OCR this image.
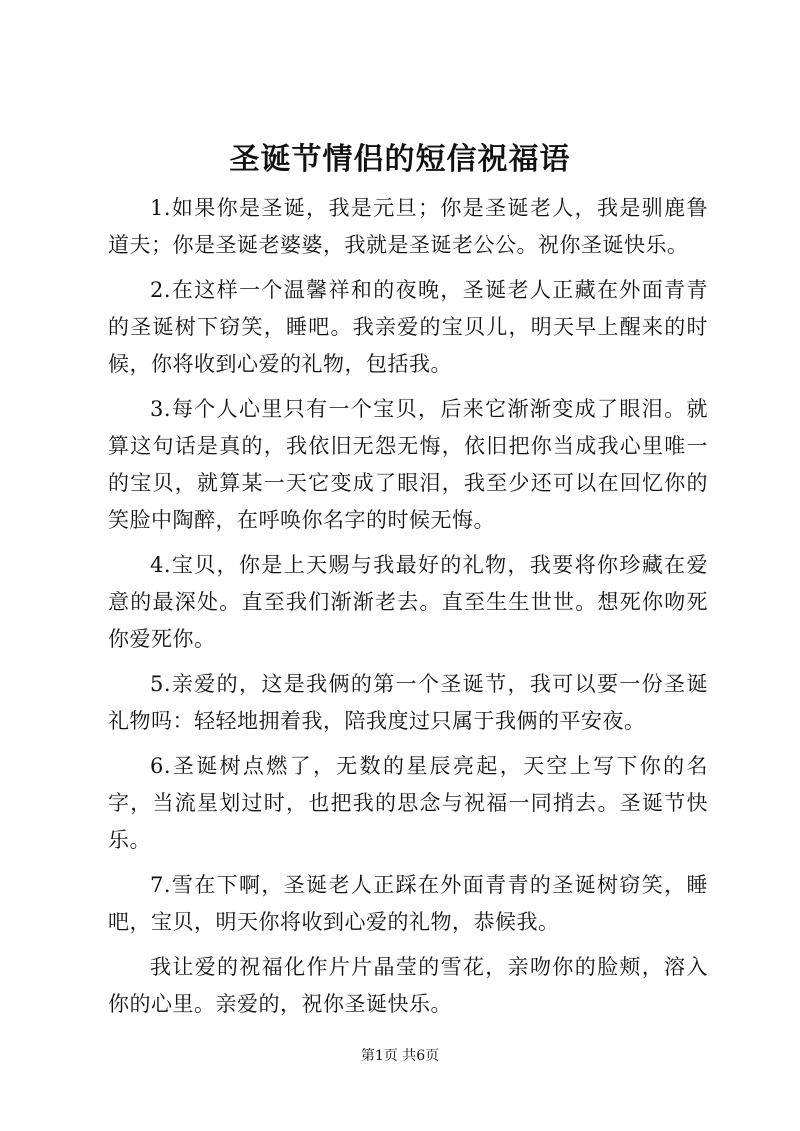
圣诞节情侣的短信祝福语

1.如果你是圣诞，我是元旦；你是圣诞老人，我是驯鹿鲁道夫；你是圣诞老婆婆，我就是圣诞老公公。祝你圣诞快乐。

2.在这样一个温馨祥和的夜晚，圣诞老人正藏在外面青青的圣诞树下窃笑，睡吧。我亲爱的宝贝儿，明天早上醒来的时候，你将收到心爱的礼物，包括我。

3.每个人心里只有一个宝贝，后来它渐渐变成了眼泪。就算这句话是真的，我依旧无怨无悔，依旧把你当成我心里唯一的宝贝，就算某一天它变成了眼泪，我至少还可以在回忆你的笑脸中陶醉，在呼唤你名字的时候无悔。

4.宝贝，你是上天赐与我最好的礼物，我要将你珍藏在爱意的最深处。直至我们渐渐老去。直至生生世世。想死你吻死你爱死你。

5.亲爱的，这是我俩的第一个圣诞节，我可以要一份圣诞礼物吗：轻轻地拥着我，陪我度过只属于我俩的平安夜。

6.圣诞树点燃了，无数的星辰亮起，天空上写下你的名字，当流星划过时，也把我的思念与祝福一同捎去。圣诞节快乐。

7.雪在下啊，圣诞老人正踩在外面青青的圣诞树窃笑，睡吧，宝贝，明天你将收到心爱的礼物，恭候我。

我让爱的祝福化作片片晶莹的雪花，亲吻你的脸颊，溶入你的心里。亲爱的，祝你圣诞快乐。

第1页 共6页
